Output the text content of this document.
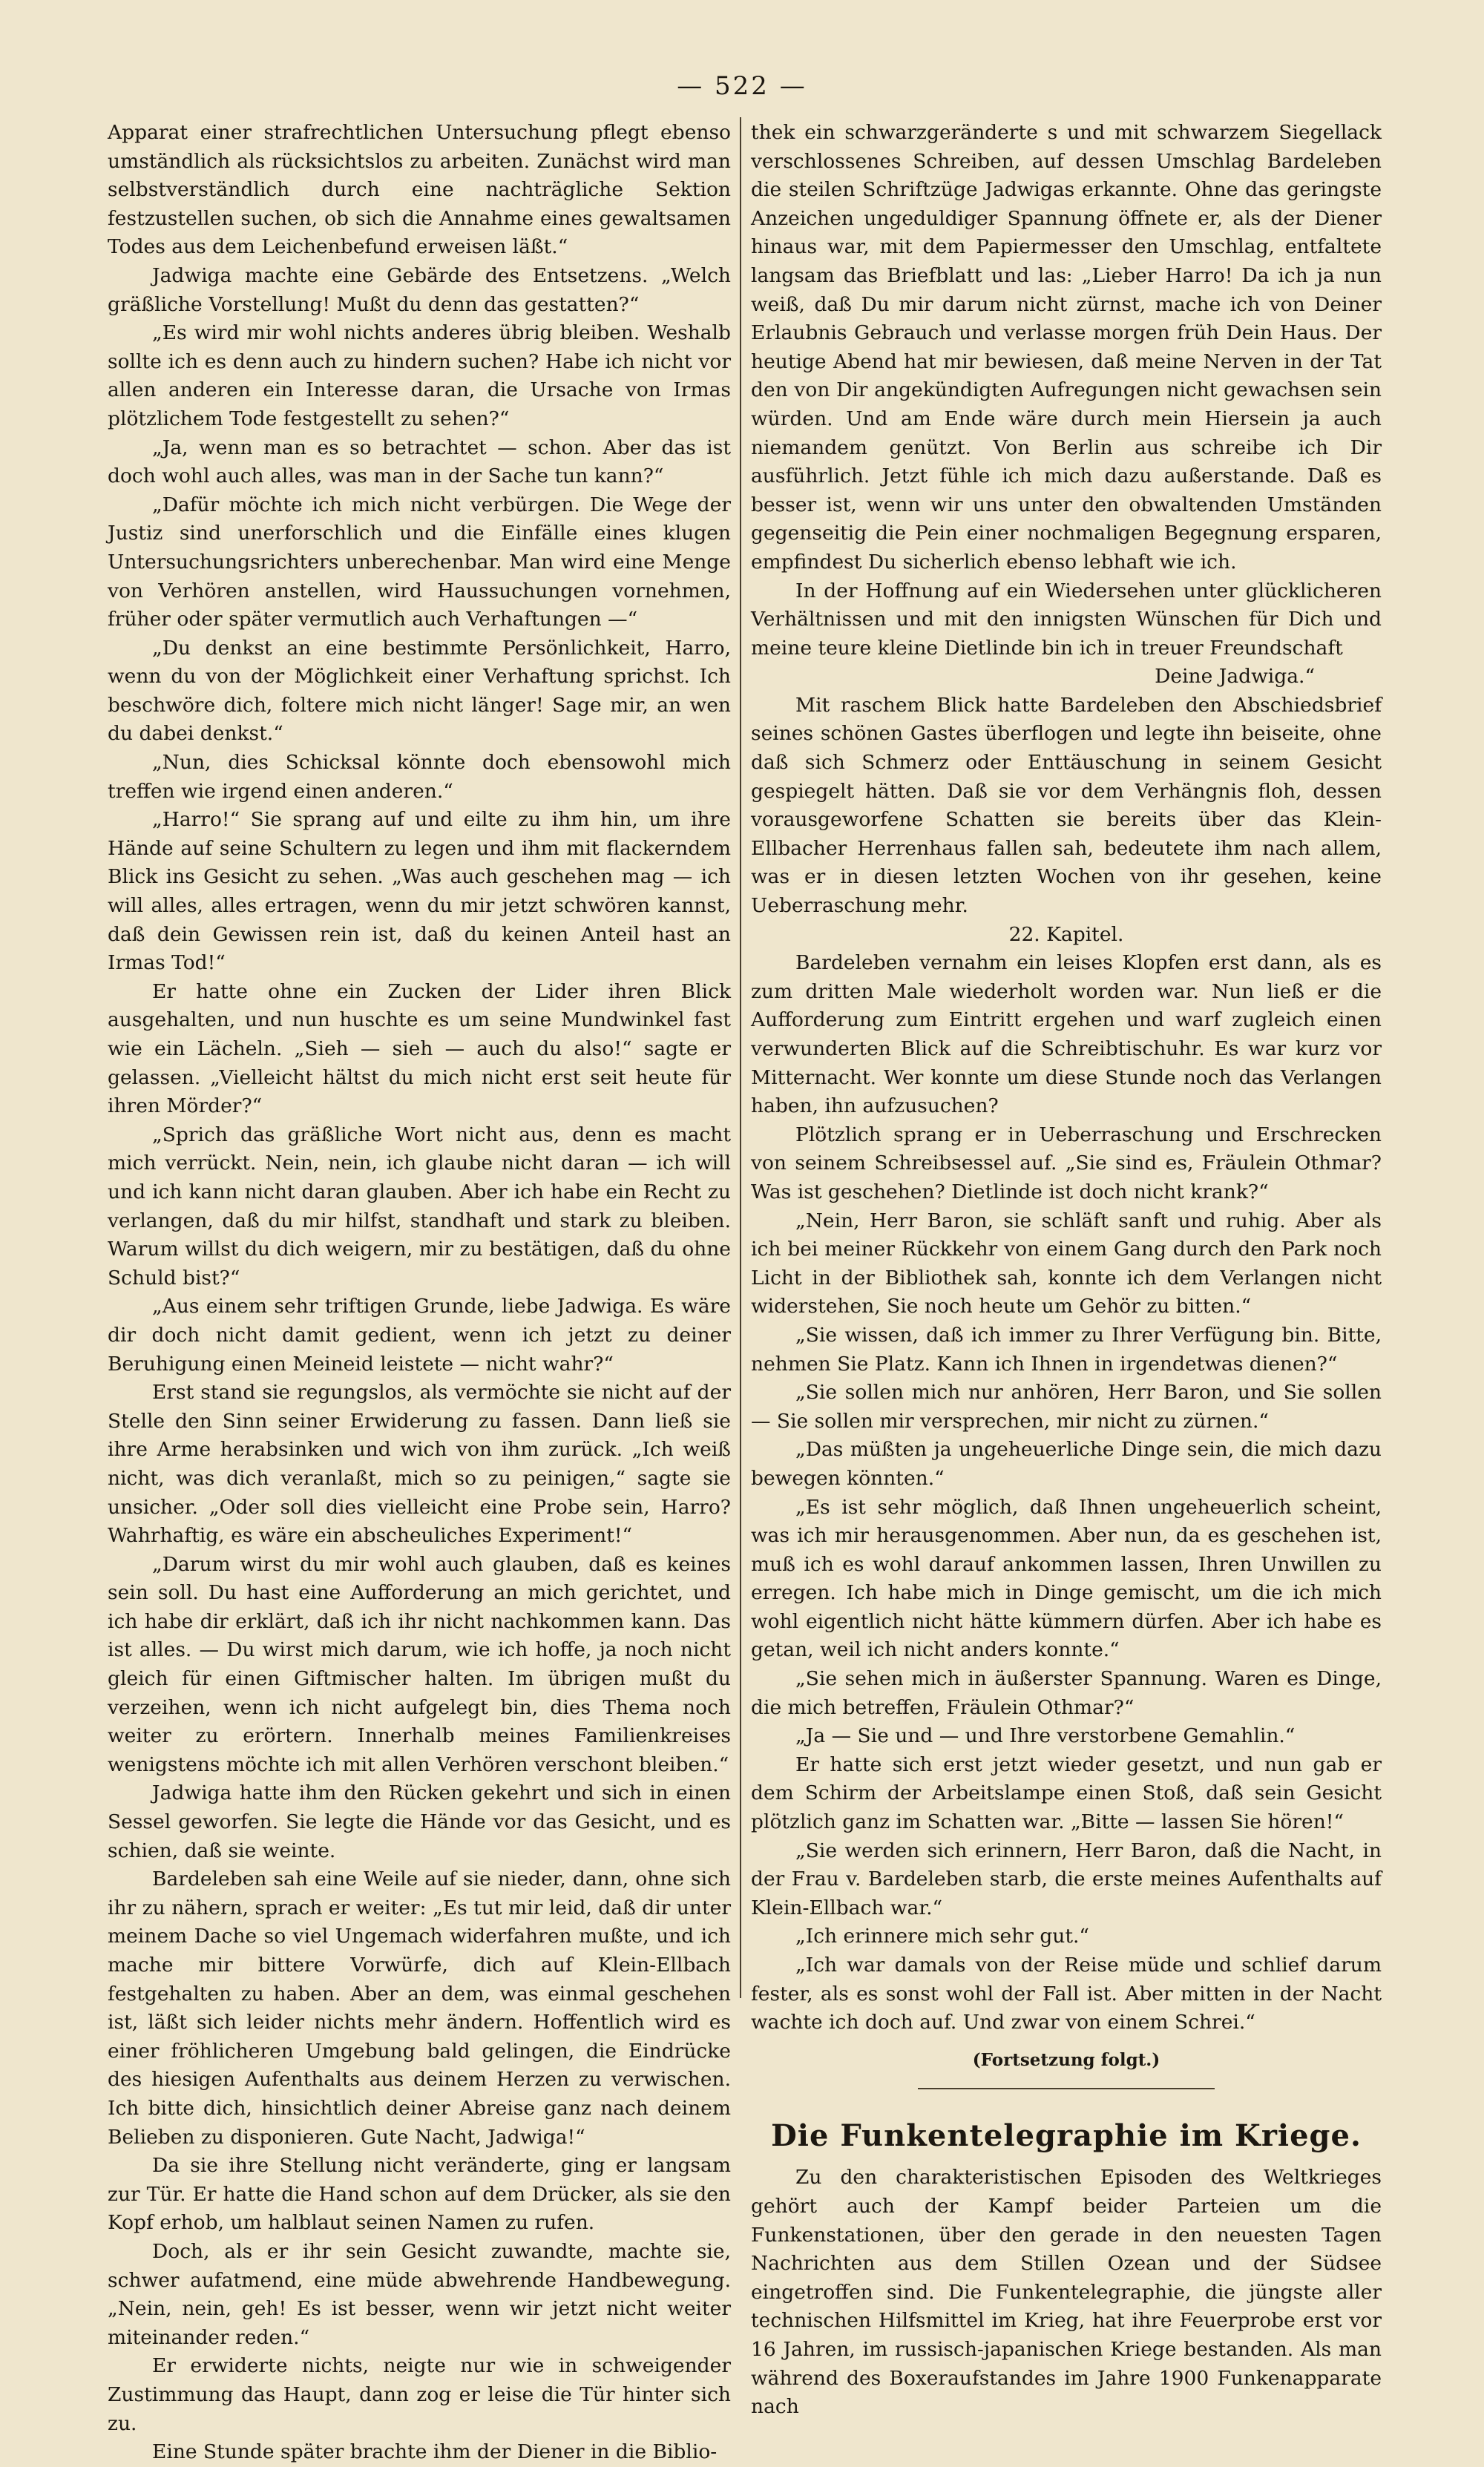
— 522 —

Apparat einer strafrechtlichen Untersuchung pflegt ebenso umständlich als rücksichtslos zu arbeiten. Zunächst wird man selbstverständlich durch eine nachträgliche Sektion festzustellen suchen, ob sich die Annahme eines gewaltsamen Todes aus dem Leichenbefund erweisen läßt.“

Jadwiga machte eine Gebärde des Entsetzens. „Welch gräßliche Vorstellung! Mußt du denn das gestatten?“

„Es wird mir wohl nichts anderes übrig bleiben. Weshalb sollte ich es denn auch zu hindern suchen? Habe ich nicht vor allen anderen ein Interesse daran, die Ursache von Irmas plötzlichem Tode festgestellt zu sehen?“

„Ja, wenn man es so betrachtet — schon. Aber das ist doch wohl auch alles, was man in der Sache tun kann?“

„Dafür möchte ich mich nicht verbürgen. Die Wege der Justiz sind unerforschlich und die Einfälle eines klugen Untersuchungsrichters unberechenbar. Man wird eine Menge von Verhören anstellen, wird Haussuchungen vornehmen, früher oder später vermutlich auch Verhaftungen —“

„Du denkst an eine bestimmte Persönlichkeit, Harro, wenn du von der Möglichkeit einer Verhaftung sprichst. Ich beschwöre dich, foltere mich nicht länger! Sage mir, an wen du dabei denkst.“

„Nun, dies Schicksal könnte doch ebensowohl mich treffen wie irgend einen anderen.“

„Harro!“ Sie sprang auf und eilte zu ihm hin, um ihre Hände auf seine Schultern zu legen und ihm mit flackerndem Blick ins Gesicht zu sehen. „Was auch geschehen mag — ich will alles, alles ertragen, wenn du mir jetzt schwören kannst, daß dein Gewissen rein ist, daß du keinen Anteil hast an Irmas Tod!“

Er hatte ohne ein Zucken der Lider ihren Blick ausgehalten, und nun huschte es um seine Mundwinkel fast wie ein Lächeln. „Sieh — sieh — auch du also!“ sagte er gelassen. „Vielleicht hältst du mich nicht erst seit heute für ihren Mörder?“

„Sprich das gräßliche Wort nicht aus, denn es macht mich verrückt. Nein, nein, ich glaube nicht daran — ich will und ich kann nicht daran glauben. Aber ich habe ein Recht zu verlangen, daß du mir hilfst, standhaft und stark zu bleiben. Warum willst du dich weigern, mir zu bestätigen, daß du ohne Schuld bist?“

„Aus einem sehr triftigen Grunde, liebe Jadwiga. Es wäre dir doch nicht damit gedient, wenn ich jetzt zu deiner Beruhigung einen Meineid leistete — nicht wahr?“

Erst stand sie regungslos, als vermöchte sie nicht auf der Stelle den Sinn seiner Erwiderung zu fassen. Dann ließ sie ihre Arme herabsinken und wich von ihm zurück. „Ich weiß nicht, was dich veranlaßt, mich so zu peinigen,“ sagte sie unsicher. „Oder soll dies vielleicht eine Probe sein, Harro? Wahrhaftig, es wäre ein abscheuliches Experiment!“

„Darum wirst du mir wohl auch glauben, daß es keines sein soll. Du hast eine Aufforderung an mich gerichtet, und ich habe dir erklärt, daß ich ihr nicht nachkommen kann. Das ist alles. — Du wirst mich darum, wie ich hoffe, ja noch nicht gleich für einen Giftmischer halten. Im übrigen mußt du verzeihen, wenn ich nicht aufgelegt bin, dies Thema noch weiter zu erörtern. Innerhalb meines Familienkreises wenigstens möchte ich mit allen Verhören verschont bleiben.“

Jadwiga hatte ihm den Rücken gekehrt und sich in einen Sessel geworfen. Sie legte die Hände vor das Gesicht, und es schien, daß sie weinte.

Bardeleben sah eine Weile auf sie nieder, dann, ohne sich ihr zu nähern, sprach er weiter: „Es tut mir leid, daß dir unter meinem Dache so viel Ungemach widerfahren mußte, und ich mache mir bittere Vorwürfe, dich auf Klein-Ellbach festgehalten zu haben. Aber an dem, was einmal geschehen ist, läßt sich leider nichts mehr ändern. Hoffentlich wird es einer fröhlicheren Umgebung bald gelingen, die Eindrücke des hiesigen Aufenthalts aus deinem Herzen zu verwischen. Ich bitte dich, hinsichtlich deiner Abreise ganz nach deinem Belieben zu disponieren. Gute Nacht, Jadwiga!“

Da sie ihre Stellung nicht veränderte, ging er langsam zur Tür. Er hatte die Hand schon auf dem Drücker, als sie den Kopf erhob, um halblaut seinen Namen zu rufen.

Doch, als er ihr sein Gesicht zuwandte, machte sie, schwer aufatmend, eine müde abwehrende Handbewegung. „Nein, nein, geh! Es ist besser, wenn wir jetzt nicht weiter miteinander reden.“

Er erwiderte nichts, neigte nur wie in schweigender Zustimmung das Haupt, dann zog er leise die Tür hinter sich zu.

Eine Stunde später brachte ihm der Diener in die Biblio-

thek ein schwarzgeränderte s und mit schwarzem Siegellack verschlossenes Schreiben, auf dessen Umschlag Bardeleben die steilen Schriftzüge Jadwigas erkannte. Ohne das geringste Anzeichen ungeduldiger Spannung öffnete er, als der Diener hinaus war, mit dem Papiermesser den Umschlag, entfaltete langsam das Briefblatt und las: „Lieber Harro! Da ich ja nun weiß, daß Du mir darum nicht zürnst, mache ich von Deiner Erlaubnis Gebrauch und verlasse morgen früh Dein Haus. Der heutige Abend hat mir bewiesen, daß meine Nerven in der Tat den von Dir angekündigten Aufregungen nicht gewachsen sein würden. Und am Ende wäre durch mein Hiersein ja auch niemandem genützt. Von Berlin aus schreibe ich Dir ausführlich. Jetzt fühle ich mich dazu außerstande. Daß es besser ist, wenn wir uns unter den obwaltenden Umständen gegenseitig die Pein einer nochmaligen Begegnung ersparen, empfindest Du sicherlich ebenso lebhaft wie ich.

In der Hoffnung auf ein Wiedersehen unter glücklicheren Verhältnissen und mit den innigsten Wünschen für Dich und meine teure kleine Dietlinde bin ich in treuer Freundschaft

Deine Jadwiga.“

Mit raschem Blick hatte Bardeleben den Abschiedsbrief seines schönen Gastes überflogen und legte ihn beiseite, ohne daß sich Schmerz oder Enttäuschung in seinem Gesicht gespiegelt hätten. Daß sie vor dem Verhängnis floh, dessen vorausgeworfene Schatten sie bereits über das Klein-Ellbacher Herrenhaus fallen sah, bedeutete ihm nach allem, was er in diesen letzten Wochen von ihr gesehen, keine Ueberraschung mehr.

22. Kapitel.

Bardeleben vernahm ein leises Klopfen erst dann, als es zum dritten Male wiederholt worden war. Nun ließ er die Aufforderung zum Eintritt ergehen und warf zugleich einen verwunderten Blick auf die Schreibtischuhr. Es war kurz vor Mitternacht. Wer konnte um diese Stunde noch das Verlangen haben, ihn aufzusuchen?

Plötzlich sprang er in Ueberraschung und Erschrecken von seinem Schreibsessel auf. „Sie sind es, Fräulein Othmar? Was ist geschehen? Dietlinde ist doch nicht krank?“

„Nein, Herr Baron, sie schläft sanft und ruhig. Aber als ich bei meiner Rückkehr von einem Gang durch den Park noch Licht in der Bibliothek sah, konnte ich dem Verlangen nicht widerstehen, Sie noch heute um Gehör zu bitten.“

„Sie wissen, daß ich immer zu Ihrer Verfügung bin. Bitte, nehmen Sie Platz. Kann ich Ihnen in irgendetwas dienen?“

„Sie sollen mich nur anhören, Herr Baron, und Sie sollen — Sie sollen mir versprechen, mir nicht zu zürnen.“

„Das müßten ja ungeheuerliche Dinge sein, die mich dazu bewegen könnten.“

„Es ist sehr möglich, daß Ihnen ungeheuerlich scheint, was ich mir herausgenommen. Aber nun, da es geschehen ist, muß ich es wohl darauf ankommen lassen, Ihren Unwillen zu erregen. Ich habe mich in Dinge gemischt, um die ich mich wohl eigentlich nicht hätte kümmern dürfen. Aber ich habe es getan, weil ich nicht anders konnte.“

„Sie sehen mich in äußerster Spannung. Waren es Dinge, die mich betreffen, Fräulein Othmar?“

„Ja — Sie und — und Ihre verstorbene Gemahlin.“

Er hatte sich erst jetzt wieder gesetzt, und nun gab er dem Schirm der Arbeitslampe einen Stoß, daß sein Gesicht plötzlich ganz im Schatten war. „Bitte — lassen Sie hören!“

„Sie werden sich erinnern, Herr Baron, daß die Nacht, in der Frau v. Bardeleben starb, die erste meines Aufenthalts auf Klein-Ellbach war.“

„Ich erinnere mich sehr gut.“

„Ich war damals von der Reise müde und schlief darum fester, als es sonst wohl der Fall ist. Aber mitten in der Nacht wachte ich doch auf. Und zwar von einem Schrei.“

(Fortsetzung folgt.)

Die Funkentelegraphie im Kriege.

Zu den charakteristischen Episoden des Weltkrieges gehört auch der Kampf beider Parteien um die Funkenstationen, über den gerade in den neuesten Tagen Nachrichten aus dem Stillen Ozean und der Südsee eingetroffen sind. Die Funkentelegraphie, die jüngste aller technischen Hilfsmittel im Krieg, hat ihre Feuerprobe erst vor 16 Jahren, im russisch-japanischen Kriege bestanden. Als man während des Boxeraufstandes im Jahre 1900 Funkenapparate nach
